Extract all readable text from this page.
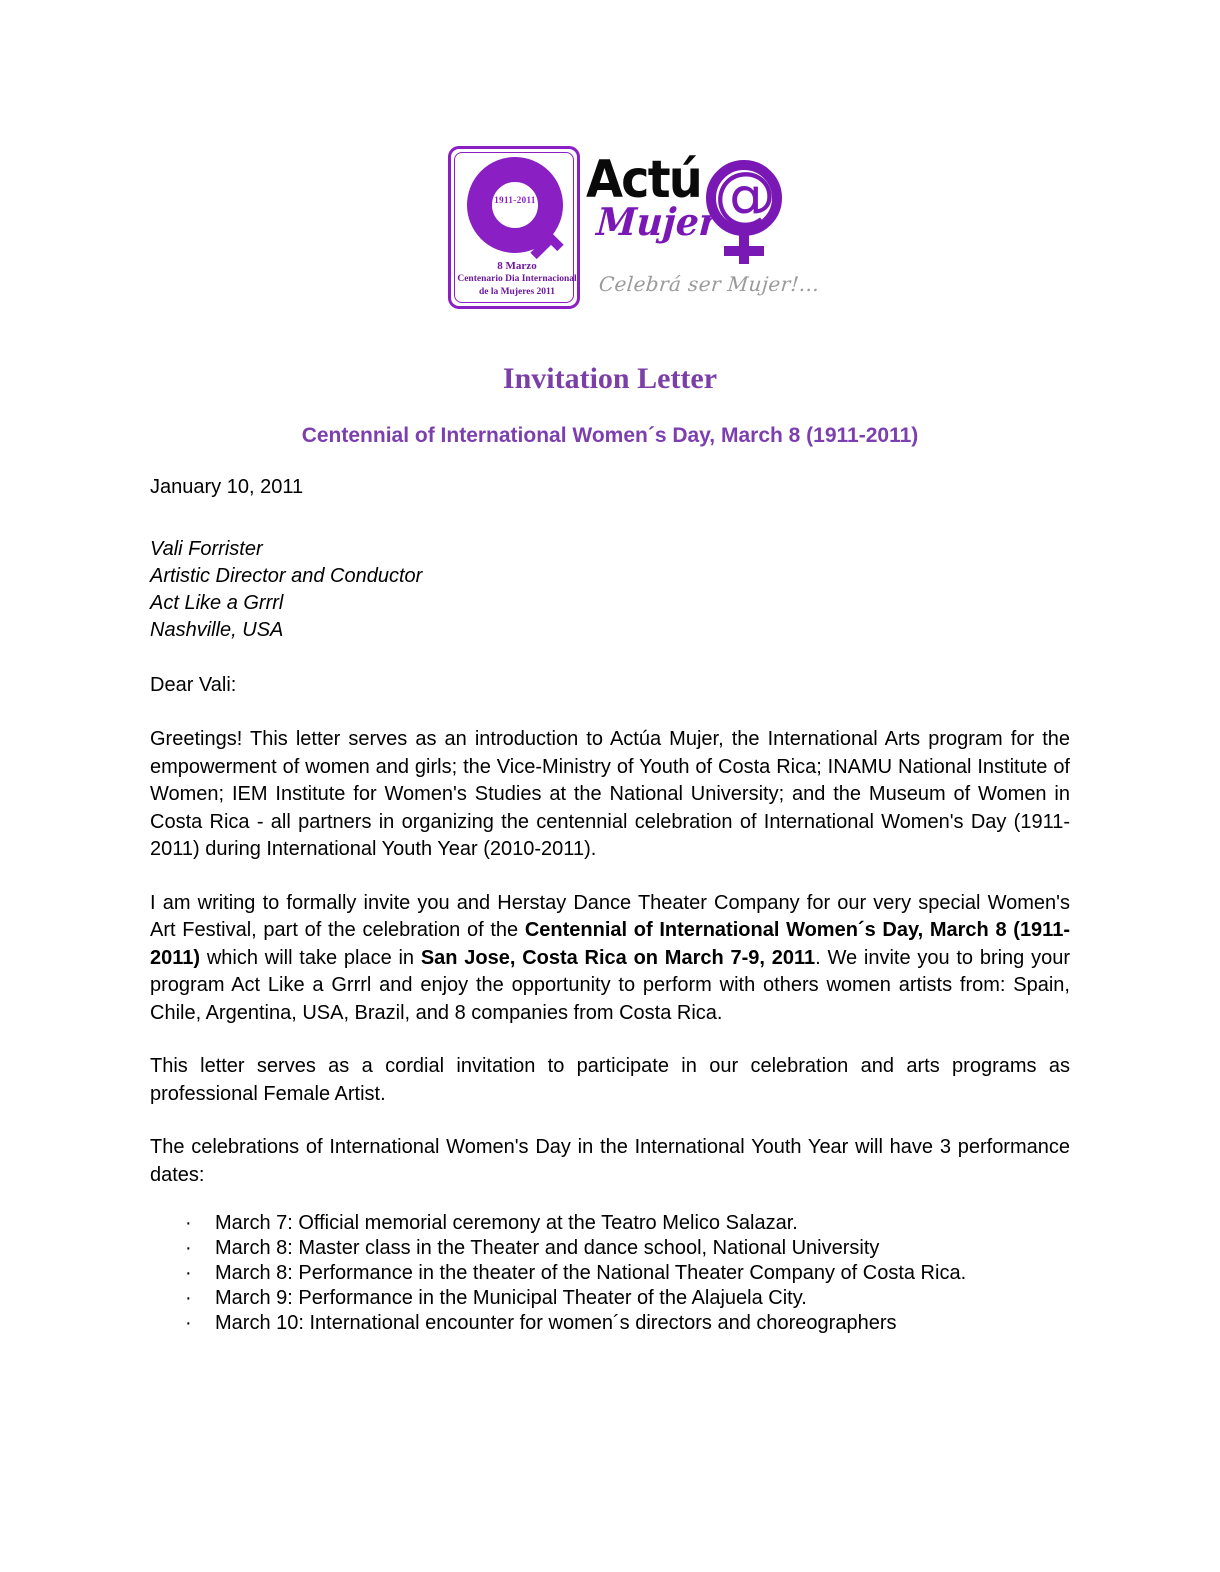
1911-2011
8 Marzo
Centenario Dia Internacional
de la Mujeres 2011
Actú @
Mujer
Celebrá ser Mujer!...
Invitation Letter
Centennial of International Women´s Day, March 8 (1911-2011)
January 10, 2011
Vali Forrister
Artistic Director and Conductor
Act Like a Grrrl
Nashville, USA
Dear Vali:

Greetings! This letter serves as an introduction to Actúa Mujer, the International Arts program for the empowerment of women and girls; the Vice-Ministry of Youth of Costa Rica; INAMU National Institute of Women; IEM Institute for Women's Studies at the National University; and the Museum of Women in Costa Rica - all partners in organizing the centennial celebration of International Women's Day (1911-2011) during International Youth Year (2010-2011).

I am writing to formally invite you and Herstay Dance Theater Company for our very special Women's Art Festival, part of the celebration of the Centennial of International Women´s Day, March 8 (1911-2011) which will take place in San Jose, Costa Rica on March 7-9, 2011. We invite you to bring your program Act Like a Grrrl and enjoy the opportunity to perform with others women artists from: Spain, Chile, Argentina, USA, Brazil, and 8 companies from Costa Rica.

This letter serves as a cordial invitation to participate in our celebration and arts programs as professional Female Artist.

The celebrations of International Women's Day in the International Youth Year will have 3 performance dates:

· March 7: Official memorial ceremony at the Teatro Melico Salazar.
· March 8: Master class in the Theater and dance school, National University
· March 8: Performance in the theater of the National Theater Company of Costa Rica.
· March 9: Performance in the Municipal Theater of the Alajuela City.
· March 10: International encounter for women´s directors and choreographers
